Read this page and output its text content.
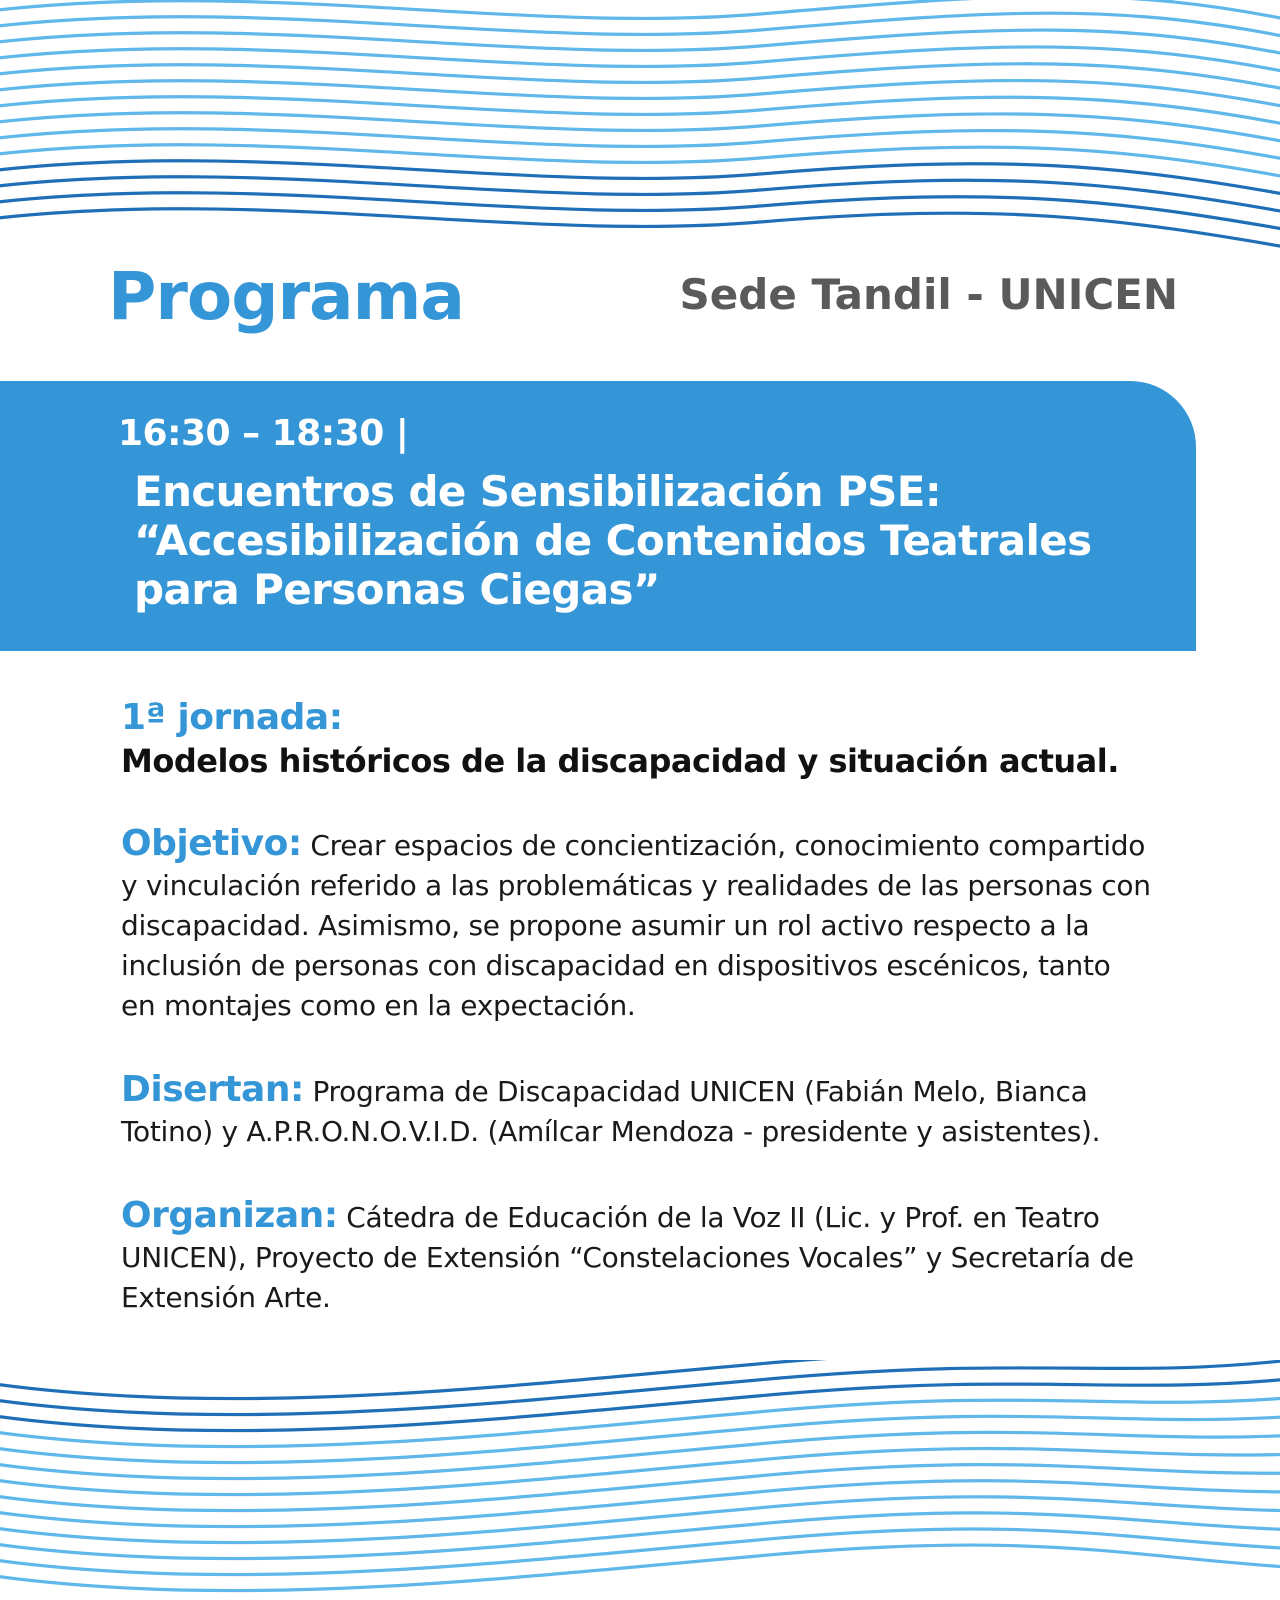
Programa	Sede Tandil - UNICEN
16:30 – 18:30 |
Encuentros de Sensibilización PSE:
“Accesibilización de Contenidos Teatrales
para Personas Ciegas”
1ª jornada:
Modelos históricos de la discapacidad y situación actual.

Objetivo: Crear espacios de concientización, conocimiento compartido y vinculación referido a las problemáticas y realidades de las personas con discapacidad. Asimismo, se propone asumir un rol activo respecto a la inclusión de personas con discapacidad en dispositivos escénicos, tanto en montajes como en la expectación.

Disertan: Programa de Discapacidad UNICEN (Fabián Melo, Bianca Totino) y A.P.R.O.N.O.V.I.D. (Amílcar Mendoza - presidente y asistentes).

Organizan: Cátedra de Educación de la Voz II (Lic. y Prof. en Teatro UNICEN), Proyecto de Extensión “Constelaciones Vocales” y Secretaría de Extensión Arte.
